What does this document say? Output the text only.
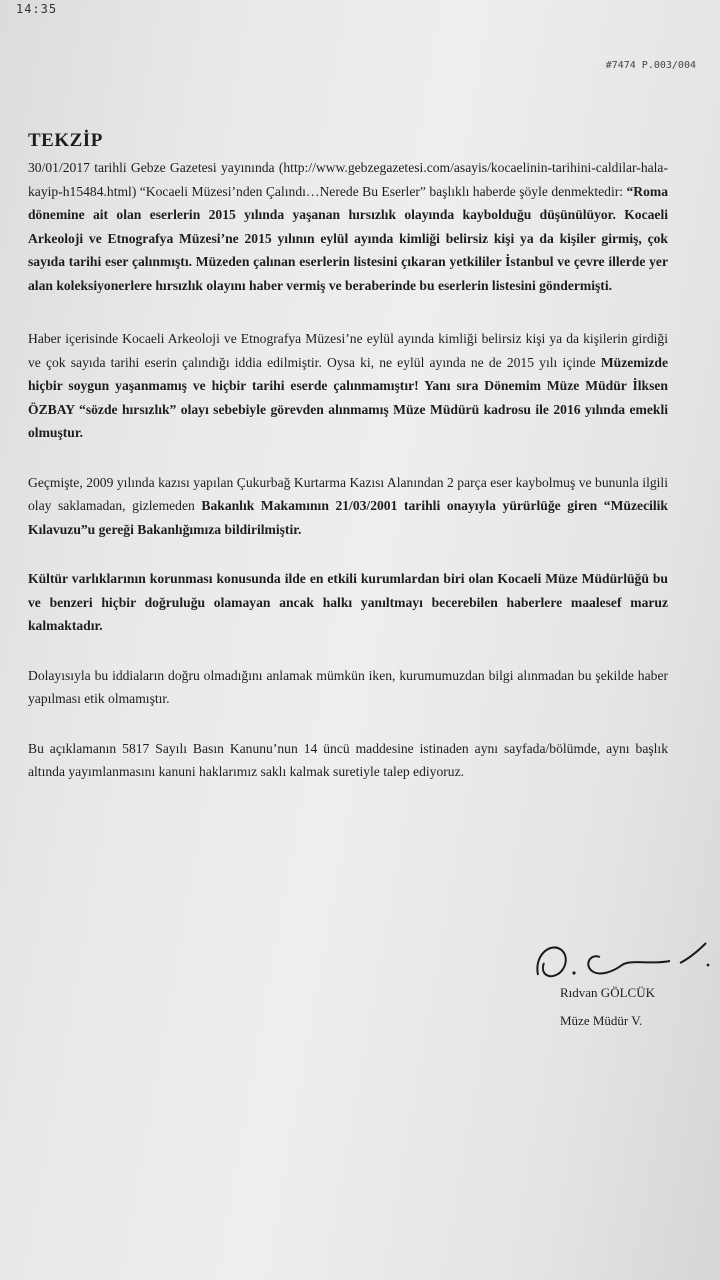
14:35
#7474 P.003/004
TEKZİP

30/01/2017 tarihli Gebze Gazetesi yayınında (http://www.gebzegazetesi.com/asayis/kocaelinin-tarihini-caldilar-hala-kayip-h15484.html) “Kocaeli Müzesi’nden Çalındı…Nerede Bu Eserler” başlıklı haberde şöyle denmektedir: “Roma dönemine ait olan eserlerin 2015 yılında yaşanan hırsızlık olayında kaybolduğu düşünülüyor. Kocaeli Arkeoloji ve Etnografya Müzesi’ne 2015 yılının eylül ayında kimliği belirsiz kişi ya da kişiler girmiş, çok sayıda tarihi eser çalınmıştı. Müzeden çalınan eserlerin listesini çıkaran yetkililer İstanbul ve çevre illerde yer alan koleksiyonerlere hırsızlık olayını haber vermiş ve beraberinde bu eserlerin listesini göndermişti.

Haber içerisinde Kocaeli Arkeoloji ve Etnografya Müzesi’ne eylül ayında kimliği belirsiz kişi ya da kişilerin girdiği ve çok sayıda tarihi eserin çalındığı iddia edilmiştir. Oysa ki, ne eylül ayında ne de 2015 yılı içinde Müzemizde hiçbir soygun yaşanmamış ve hiçbir tarihi eserde çalınmamıştır! Yanı sıra Dönemim Müze Müdür İlksen ÖZBAY “sözde hırsızlık” olayı sebebiyle görevden alınmamış Müze Müdürü kadrosu ile 2016 yılında emekli olmuştur.

Geçmişte, 2009 yılında kazısı yapılan Çukurbağ Kurtarma Kazısı Alanından 2 parça eser kaybolmuş ve bununla ilgili olay saklamadan, gizlemeden Bakanlık Makamının 21/03/2001 tarihli onayıyla yürürlüğe giren “Müzecilik Kılavuzu”u gereği Bakanlığımıza bildirilmiştir.

Kültür varlıklarının korunması konusunda ilde en etkili kurumlardan biri olan Kocaeli Müze Müdürlüğü bu ve benzeri hiçbir doğruluğu olamayan ancak halkı yanıltmayı becerebilen haberlere maalesef maruz kalmaktadır.

Dolayısıyla bu iddiaların doğru olmadığını anlamak mümkün iken, kurumumuzdan bilgi alınmadan bu şekilde haber yapılması etik olmamıştır.

Bu açıklamanın 5817 Sayılı Basın Kanunu’nun 14 üncü maddesine istinaden aynı sayfada/bölümde, aynı başlık altında yayımlanmasını kanuni haklarımız saklı kalmak suretiyle talep ediyoruz.

Rıdvan GÖLCÜK
Müze Müdür V.
